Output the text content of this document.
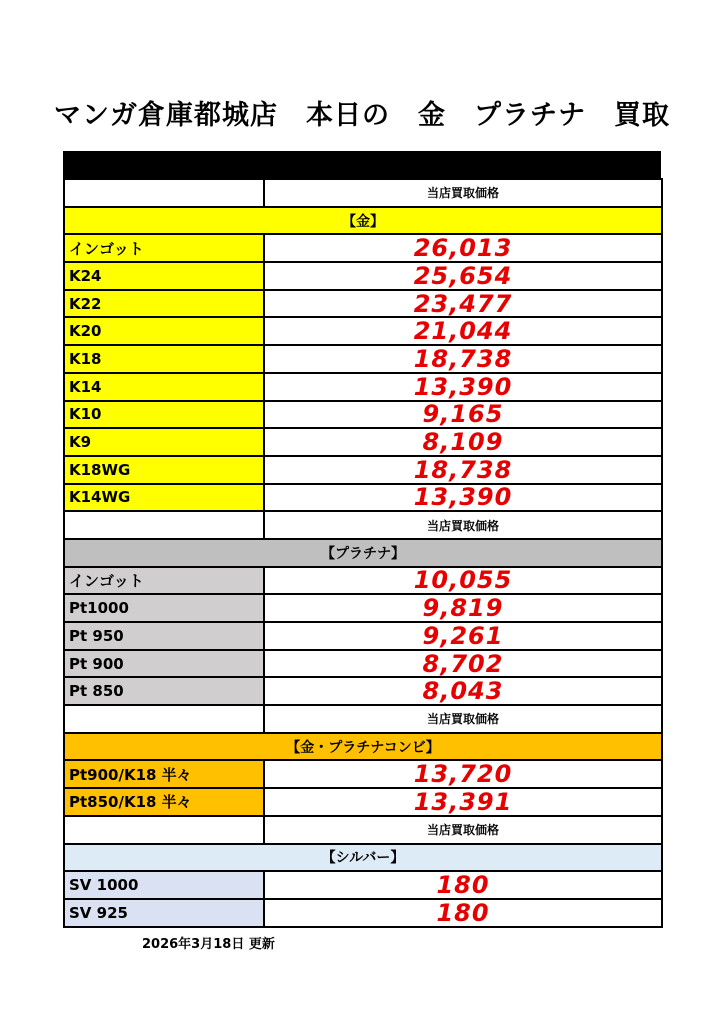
マンガ倉庫都城店　本日の　金　プラチナ　買取
	当店買取価格
【金】	
インゴット	26,013
K24	25,654
K22	23,477
K20	21,044
K18	18,738
K14	13,390
K10	9,165
K9	8,109
K18WG	18,738
K14WG	13,390
	当店買取価格
【プラチナ】	
インゴット	10,055
Pt1000	9,819
Pt 950	9,261
Pt 900	8,702
Pt 850	8,043
	当店買取価格
【金・プラチナコンビ】	
Pt900/K18 半々	13,720
Pt850/K18 半々	13,391
	当店買取価格
【シルバー】	
SV 1000	180
SV 925	180
2026年3月18日 更新
